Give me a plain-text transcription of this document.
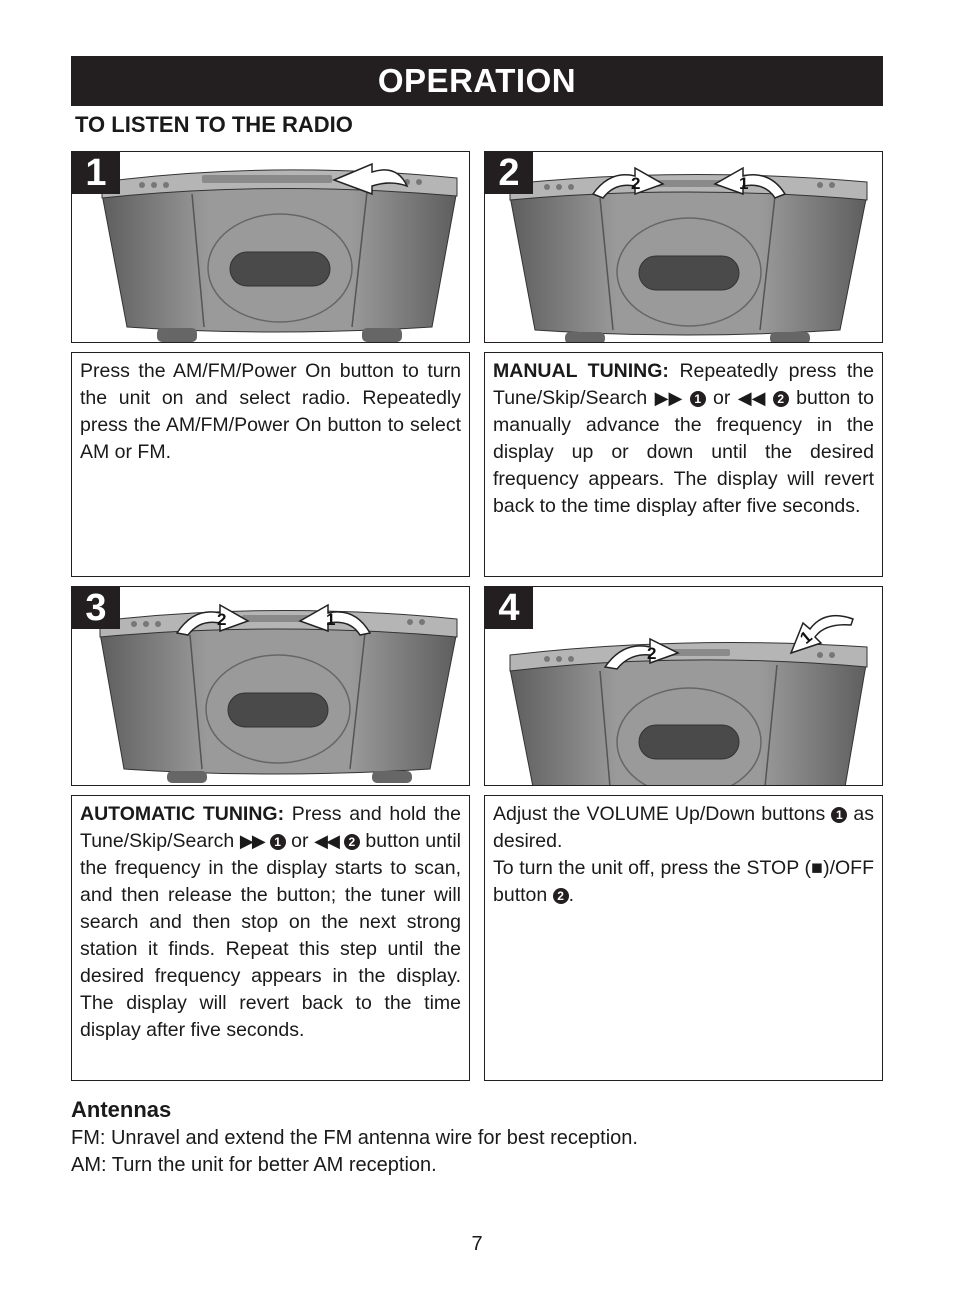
OPERATION
TO LISTEN TO THE RADIO
1	2	2	1

Press the AM/FM/Power On button to turn the unit on and select radio. Repeatedly press the AM/FM/Power On button to select AM or FM.

MANUAL TUNING: Repeatedly press the Tune/Skip/Search ▶▶ 1 or ◀◀ 2 button to manually advance the frequency in the display up or down until the desired frequency appears. The display will revert back to the time display after five seconds.

3	2	1	4
2
1

AUTOMATIC TUNING: Press and hold the Tune/Skip/Search ▶▶ 1 or ◀◀ 2 button until the frequency in the display starts to scan, and then release the button; the tuner will search and then stop on the next strong station it finds. Repeat this step until the desired frequency appears in the display. The display will revert back to the time display after five seconds.

Adjust the VOLUME Up/Down buttons 1 as desired.

To turn the unit off, press the STOP (■)/OFF button 2 .

Antennas
FM: Unravel and extend the FM antenna wire for best reception.
AM: Turn the unit for better AM reception.
7
